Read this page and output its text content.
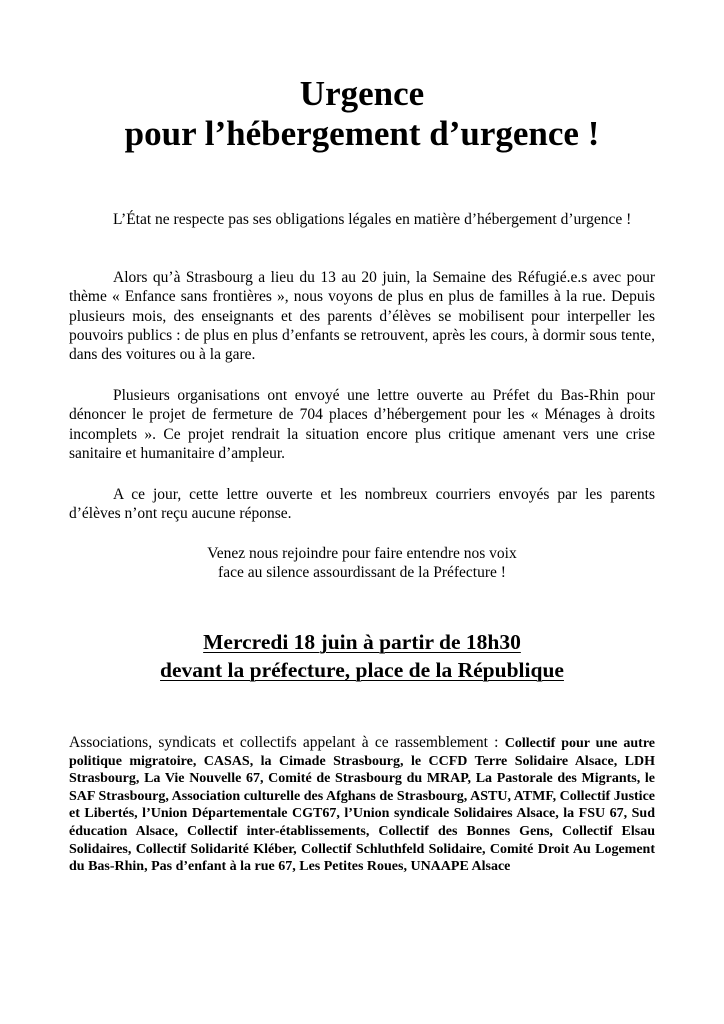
Urgence
pour l’hébergement d’urgence !

L’État ne respecte pas ses obligations légales en matière d’hébergement d’urgence !

Alors qu’à Strasbourg a lieu du 13 au 20 juin, la Semaine des Réfugié.e.s avec pour thème « Enfance sans frontières », nous voyons de plus en plus de familles à la rue. Depuis plusieurs mois, des enseignants et des parents d’élèves se mobilisent pour interpeller les pouvoirs publics : de plus en plus d’enfants se retrouvent, après les cours, à dormir sous tente, dans des voitures ou à la gare.

Plusieurs organisations ont envoyé une lettre ouverte au Préfet du Bas-Rhin pour dénoncer le projet de fermeture de 704 places d’hébergement pour les « Ménages à droits incomplets ». Ce projet rendrait la situation encore plus critique amenant vers une crise sanitaire et humanitaire d’ampleur.

A ce jour, cette lettre ouverte et les nombreux courriers envoyés par les parents d’élèves n’ont reçu aucune réponse.

Venez nous rejoindre pour faire entendre nos voix
face au silence assourdissant de la Préfecture !
Mercredi 18 juin à partir de 18h30
devant la préfecture, place de la République

Associations, syndicats et collectifs appelant à ce rassemblement : Collectif pour une autre politique migratoire, CASAS, la Cimade Strasbourg, le CCFD Terre Solidaire Alsace, LDH Strasbourg, La Vie Nouvelle 67, Comité de Strasbourg du MRAP, La Pastorale des Migrants, le SAF Strasbourg, Association culturelle des Afghans de Strasbourg, ASTU, ATMF, Collectif Justice et Libertés, l’Union Départementale CGT67, l’Union syndicale Solidaires Alsace, la FSU 67, Sud éducation Alsace, Collectif inter-établissements, Collectif des Bonnes Gens, Collectif Elsau Solidaires, Collectif Solidarité Kléber, Collectif Schluthfeld Solidaire, Comité Droit Au Logement du Bas-Rhin, Pas d’enfant à la rue 67, Les Petites Roues, UNAAPE Alsace
